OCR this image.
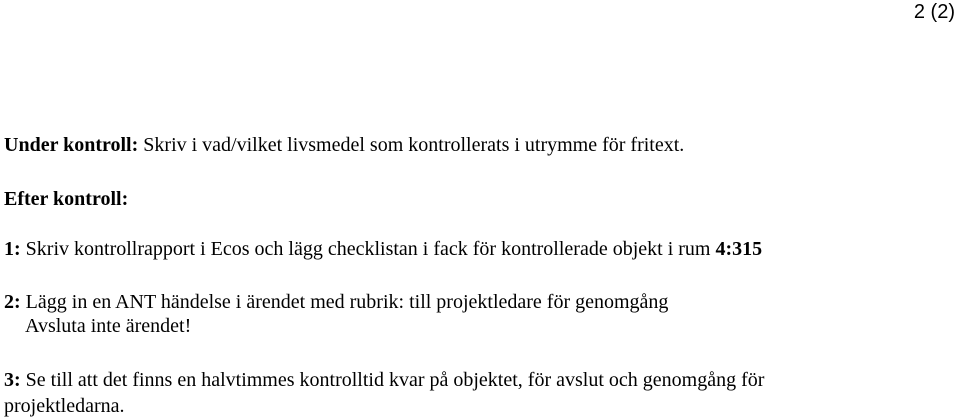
2 (2)
Under kontroll: Skriv i vad/vilket livsmedel som kontrollerats i utrymme för fritext.
Efter kontroll:
1: Skriv kontrollrapport i Ecos och lägg checklistan i fack för kontrollerade objekt i rum 4:315
2: Lägg in en ANT händelse i ärendet med rubrik: till projektledare för genomgång
Avsluta inte ärendet!
3: Se till att det finns en halvtimmes kontrolltid kvar på objektet, för avslut och genomgång för
projektledarna.
